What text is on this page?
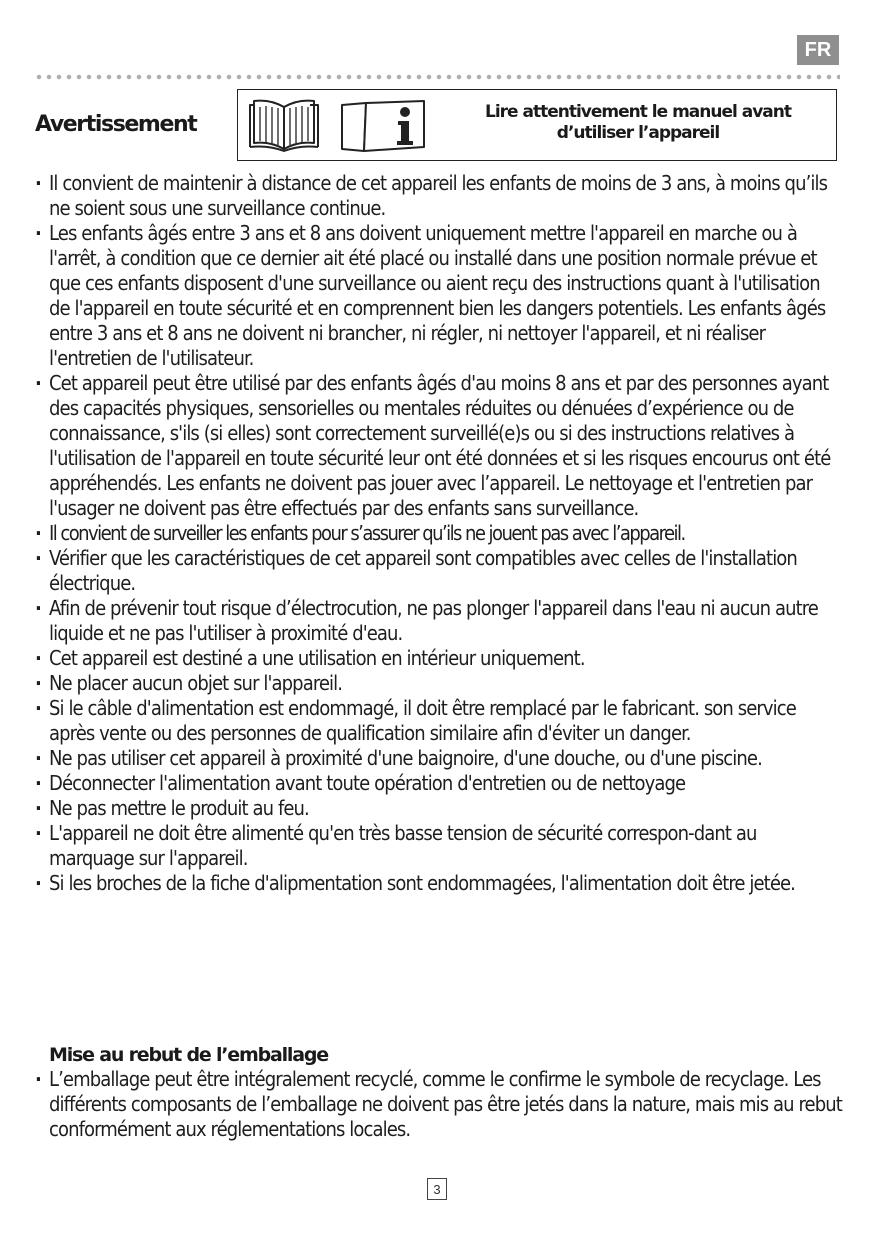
FR
Avertissement	Lire attentivement le manuel avant d’utiliser l’appareil
· Il convient de maintenir à distance de cet appareil les enfants de moins de 3 ans, à moins qu’ils ne soient sous une surveillance continue.
· Les enfants âgés entre 3 ans et 8 ans doivent uniquement mettre l'appareil en marche ou à l'arrêt, à condition que ce dernier ait été placé ou installé dans une position normale prévue et que ces enfants disposent d'une surveillance ou aient reçu des instructions quant à l'utilisation de l'appareil en toute sécurité et en comprennent bien les dangers potentiels. Les enfants âgés entre 3 ans et 8 ans ne doivent ni brancher, ni régler, ni nettoyer l'appareil, et ni réaliser l'entretien de l'utilisateur.
· Cet appareil peut être utilisé par des enfants âgés d'au moins 8 ans et par des personnes ayant des capacités physiques, sensorielles ou mentales réduites ou dénuées d’expérience ou de connaissance, s'ils (si elles) sont correctement surveillé(e)s ou si des instructions relatives à l'utilisation de l'appareil en toute sécurité leur ont été données et si les risques encourus ont été appréhendés. Les enfants ne doivent pas jouer avec l’appareil. Le nettoyage et l'entretien par l'usager ne doivent pas être effectués par des enfants sans surveillance.
· Il convient de surveiller les enfants pour s’assurer qu’ils ne jouent pas avec l’appareil.
· Vérifier que les caractéristiques de cet appareil sont compatibles avec celles de l'installation électrique.
· Afin de prévenir tout risque d’électrocution, ne pas plonger l'appareil dans l'eau ni aucun autre liquide et ne pas l'utiliser à proximité d'eau.
· Cet appareil est destiné a une utilisation en intérieur uniquement.
· Ne placer aucun objet sur l'appareil.
· Si le câble d'alimentation est endommagé, il doit être remplacé par le fabricant. son service après vente ou des personnes de qualification similaire afin d'éviter un danger.
· Ne pas utiliser cet appareil à proximité d'une baignoire, d'une douche, ou d'une piscine.
· Déconnecter l'alimentation avant toute opération d'entretien ou de nettoyage
· Ne pas mettre le produit au feu.
· L'appareil ne doit être alimenté qu'en très basse tension de sécurité correspon-dant au marquage sur l'appareil.
· Si les broches de la fiche d'alipmentation sont endommagées, l'alimentation doit être jetée.
Mise au rebut de l’emballage
· L’emballage peut être intégralement recyclé, comme le confirme le symbole de recyclage. Les différents composants de l’emballage ne doivent pas être jetés dans la nature, mais mis au rebut conformément aux réglementations locales.
3
